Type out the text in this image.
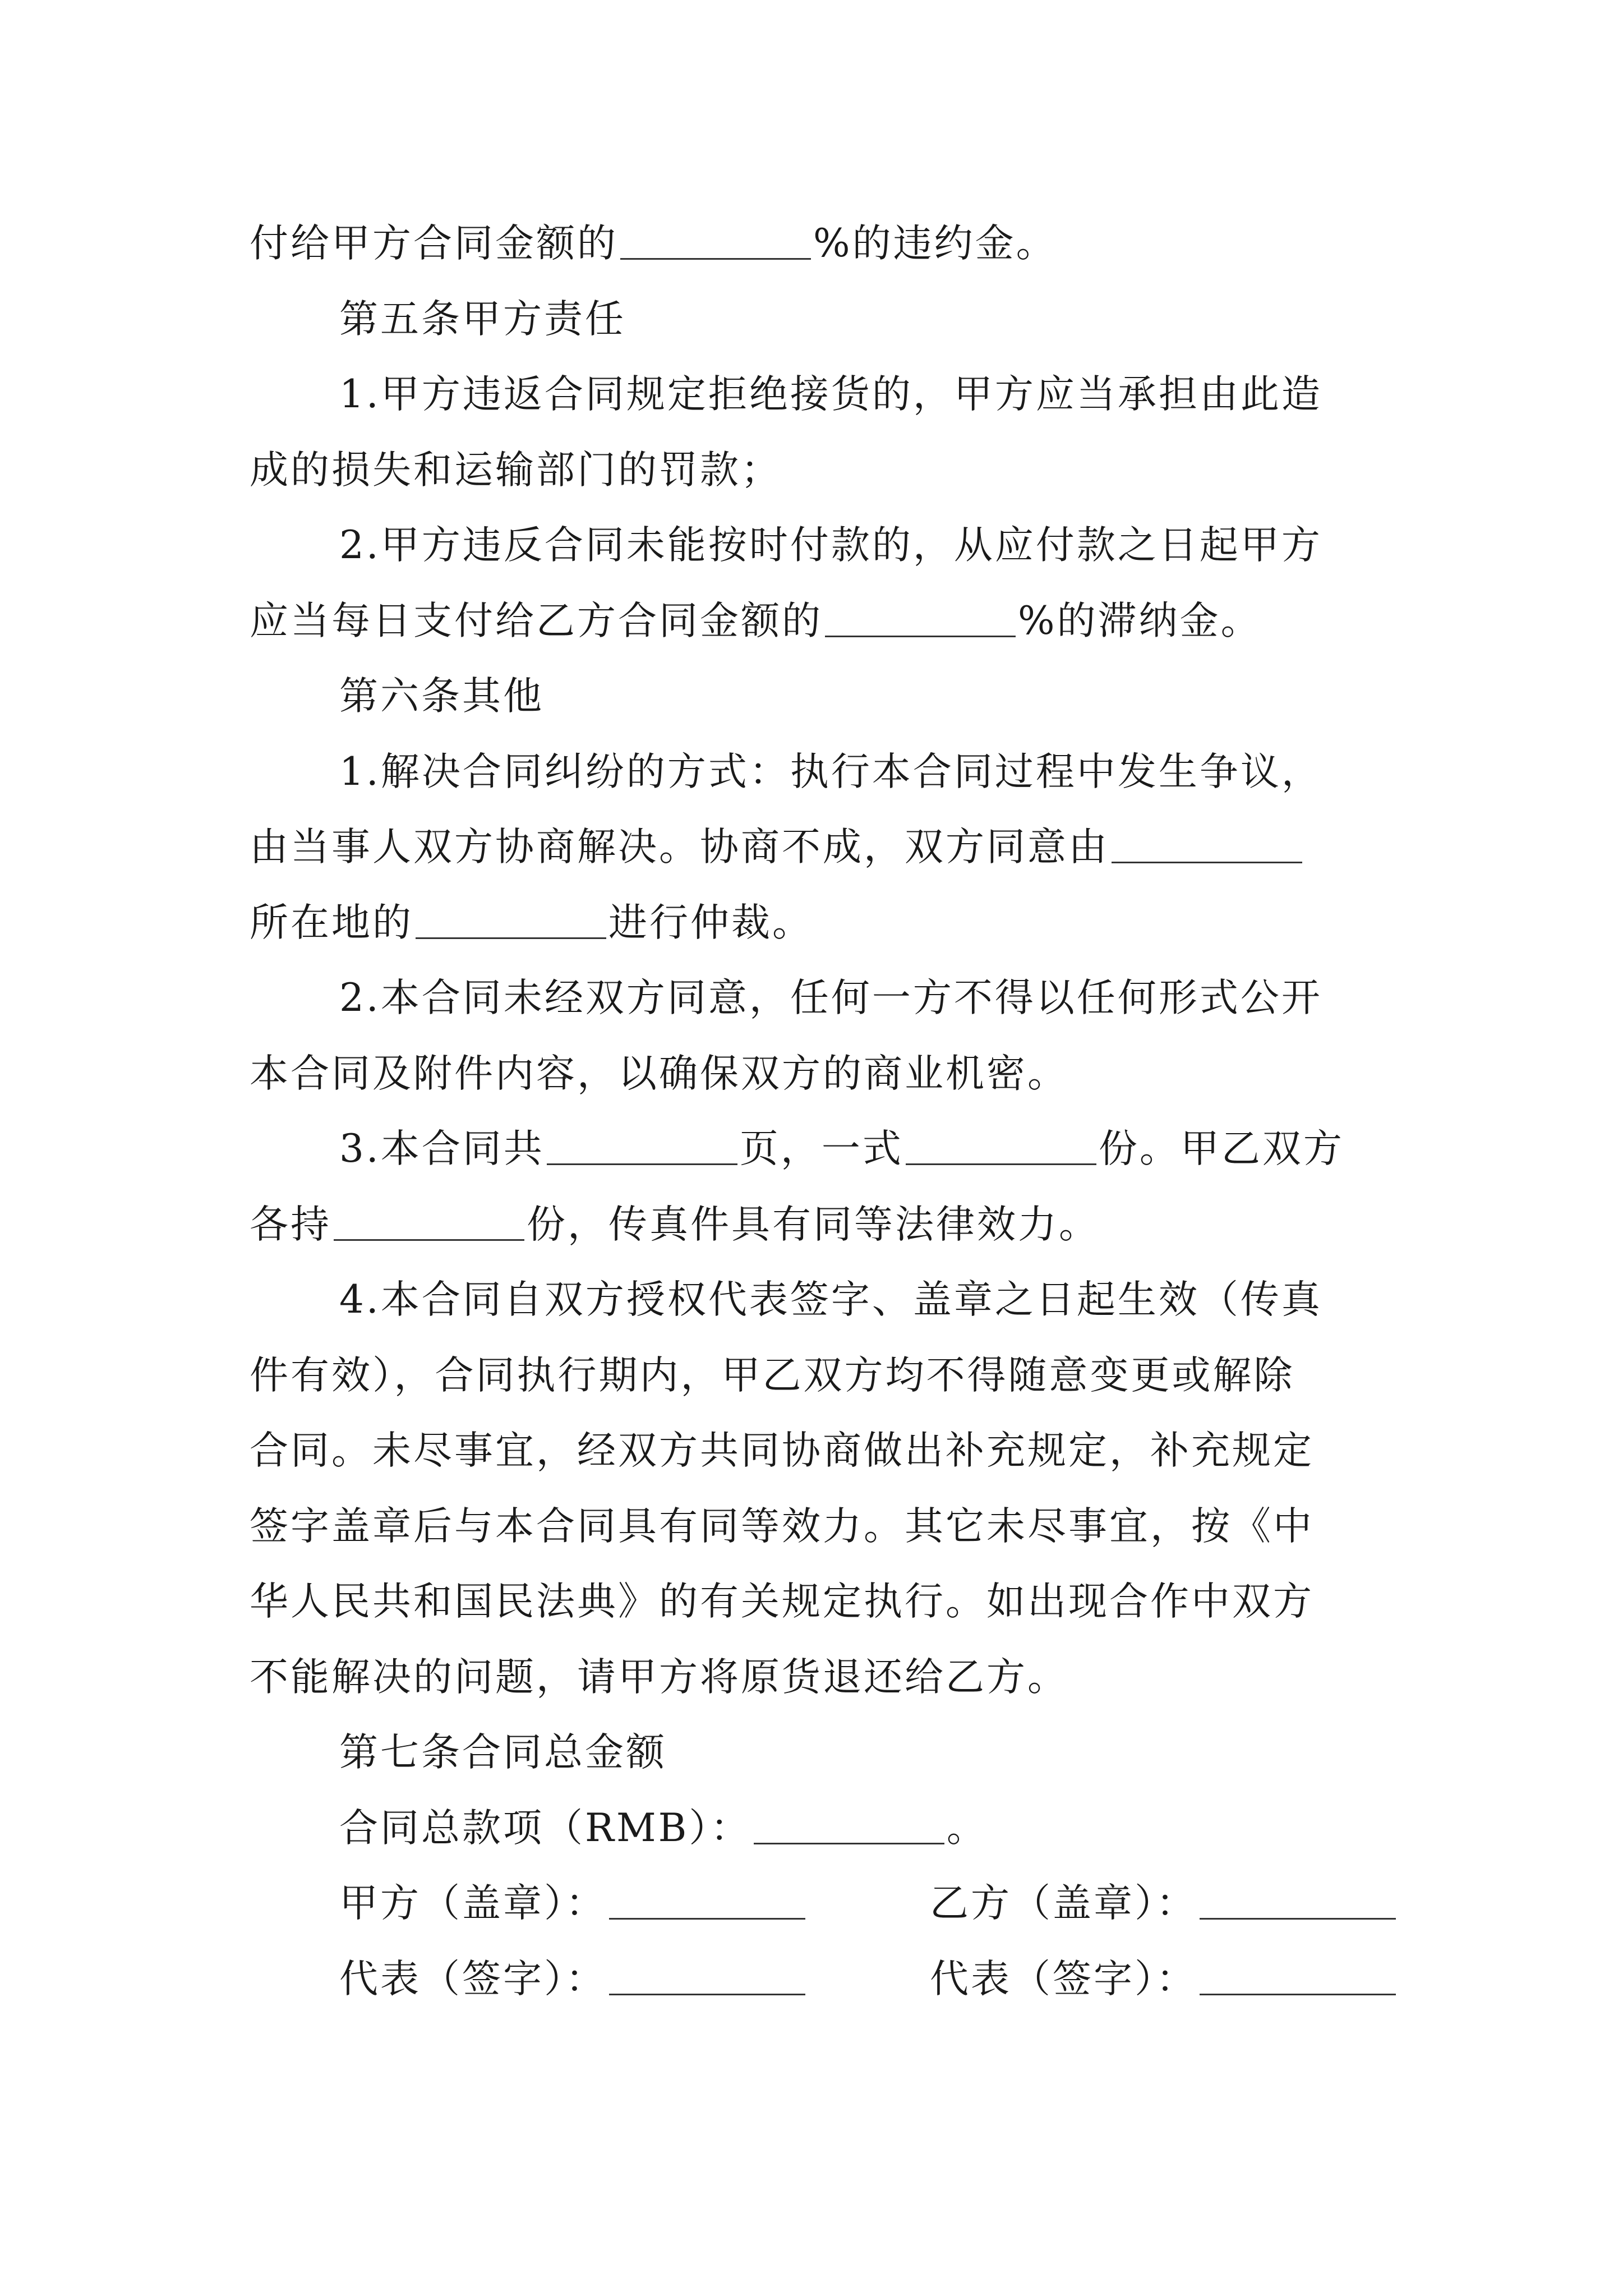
付给甲方合同金额的	%的违约金。
第五条甲方责任
1.甲方违返合同规定拒绝接货的，甲方应当承担由此造
成的损失和运输部门的罚款；
2.甲方违反合同未能按时付款的，从应付款之日起甲方
应当每日支付给乙方合同金额的	%的滞纳金。
第六条其他
1.解决合同纠纷的方式：执行本合同过程中发生争议，
由当事人双方协商解决。协商不成，双方同意由
所在地的	进行仲裁。
2.本合同未经双方同意，任何一方不得以任何形式公开
本合同及附件内容，以确保双方的商业机密。
3.本合同共	页，一式	份。甲乙双方
各持	份，传真件具有同等法律效力。
4.本合同自双方授权代表签字、盖章之日起生效（传真
件有效），合同执行期内，甲乙双方均不得随意变更或解除
合同。未尽事宜，经双方共同协商做出补充规定，补充规定
签字盖章后与本合同具有同等效力。其它未尽事宜，按《中
华人民共和国民法典》的有关规定执行。如出现合作中双方
不能解决的问题，请甲方将原货退还给乙方。
第七条合同总金额
合同总款项（RMB）：	。
甲方（盖章）：	乙方（盖章）：
代表（签字）：	代表（签字）：
